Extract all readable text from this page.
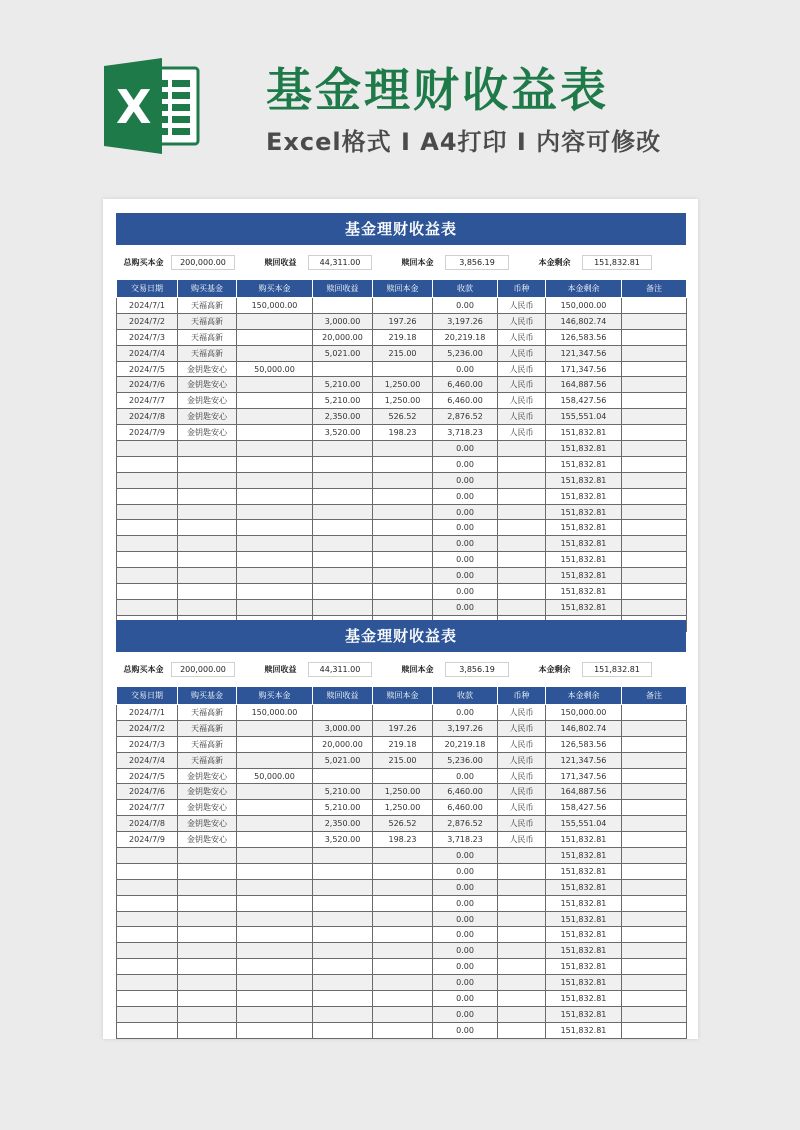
X 基金理财收益表
Excel格式 I A4打印 I 内容可修改
基金理财收益表
总购买本金	200,000.00	赎回收益	44,311.00	赎回本金	3,856.19	本金剩余	151,832.81
交易日期	购买基金	购买本金	赎回收益	赎回本金	收款	币种	本金剩余	备注
2024/7/1	天福高新	150,000.00			0.00	人民币	150,000.00	
2024/7/2	天福高新		3,000.00	197.26	3,197.26	人民币	146,802.74	
2024/7/3	天福高新		20,000.00	219.18	20,219.18	人民币	126,583.56	
2024/7/4	天福高新		5,021.00	215.00	5,236.00	人民币	121,347.56	
2024/7/5	金钥匙安心	50,000.00			0.00	人民币	171,347.56	
2024/7/6	金钥匙安心		5,210.00	1,250.00	6,460.00	人民币	164,887.56	
2024/7/7	金钥匙安心		5,210.00	1,250.00	6,460.00	人民币	158,427.56	
2024/7/8	金钥匙安心		2,350.00	526.52	2,876.52	人民币	155,551.04	
2024/7/9	金钥匙安心		3,520.00	198.23	3,718.23	人民币	151,832.81	
					0.00		151,832.81	
					0.00		151,832.81	
					0.00		151,832.81	
					0.00		151,832.81	
					0.00		151,832.81	
					0.00		151,832.81	
					0.00		151,832.81	
					0.00		151,832.81	
					0.00		151,832.81	
					0.00		151,832.81	
					0.00		151,832.81	

基金理财收益表
总购买本金	200,000.00	赎回收益	44,311.00	赎回本金	3,856.19	本金剩余	151,832.81
交易日期	购买基金	购买本金	赎回收益	赎回本金	收款	币种	本金剩余	备注
2024/7/1	天福高新	150,000.00			0.00	人民币	150,000.00	
2024/7/2	天福高新		3,000.00	197.26	3,197.26	人民币	146,802.74	
2024/7/3	天福高新		20,000.00	219.18	20,219.18	人民币	126,583.56	
2024/7/4	天福高新		5,021.00	215.00	5,236.00	人民币	121,347.56	
2024/7/5	金钥匙安心	50,000.00			0.00	人民币	171,347.56	
2024/7/6	金钥匙安心		5,210.00	1,250.00	6,460.00	人民币	164,887.56	
2024/7/7	金钥匙安心		5,210.00	1,250.00	6,460.00	人民币	158,427.56	
2024/7/8	金钥匙安心		2,350.00	526.52	2,876.52	人民币	155,551.04	
2024/7/9	金钥匙安心		3,520.00	198.23	3,718.23	人民币	151,832.81	
					0.00		151,832.81	
					0.00		151,832.81	
					0.00		151,832.81	
					0.00		151,832.81	
					0.00		151,832.81	
					0.00		151,832.81	
					0.00		151,832.81	
					0.00		151,832.81	
					0.00		151,832.81	
					0.00		151,832.81	
					0.00		151,832.81	
					0.00		151,832.81	
